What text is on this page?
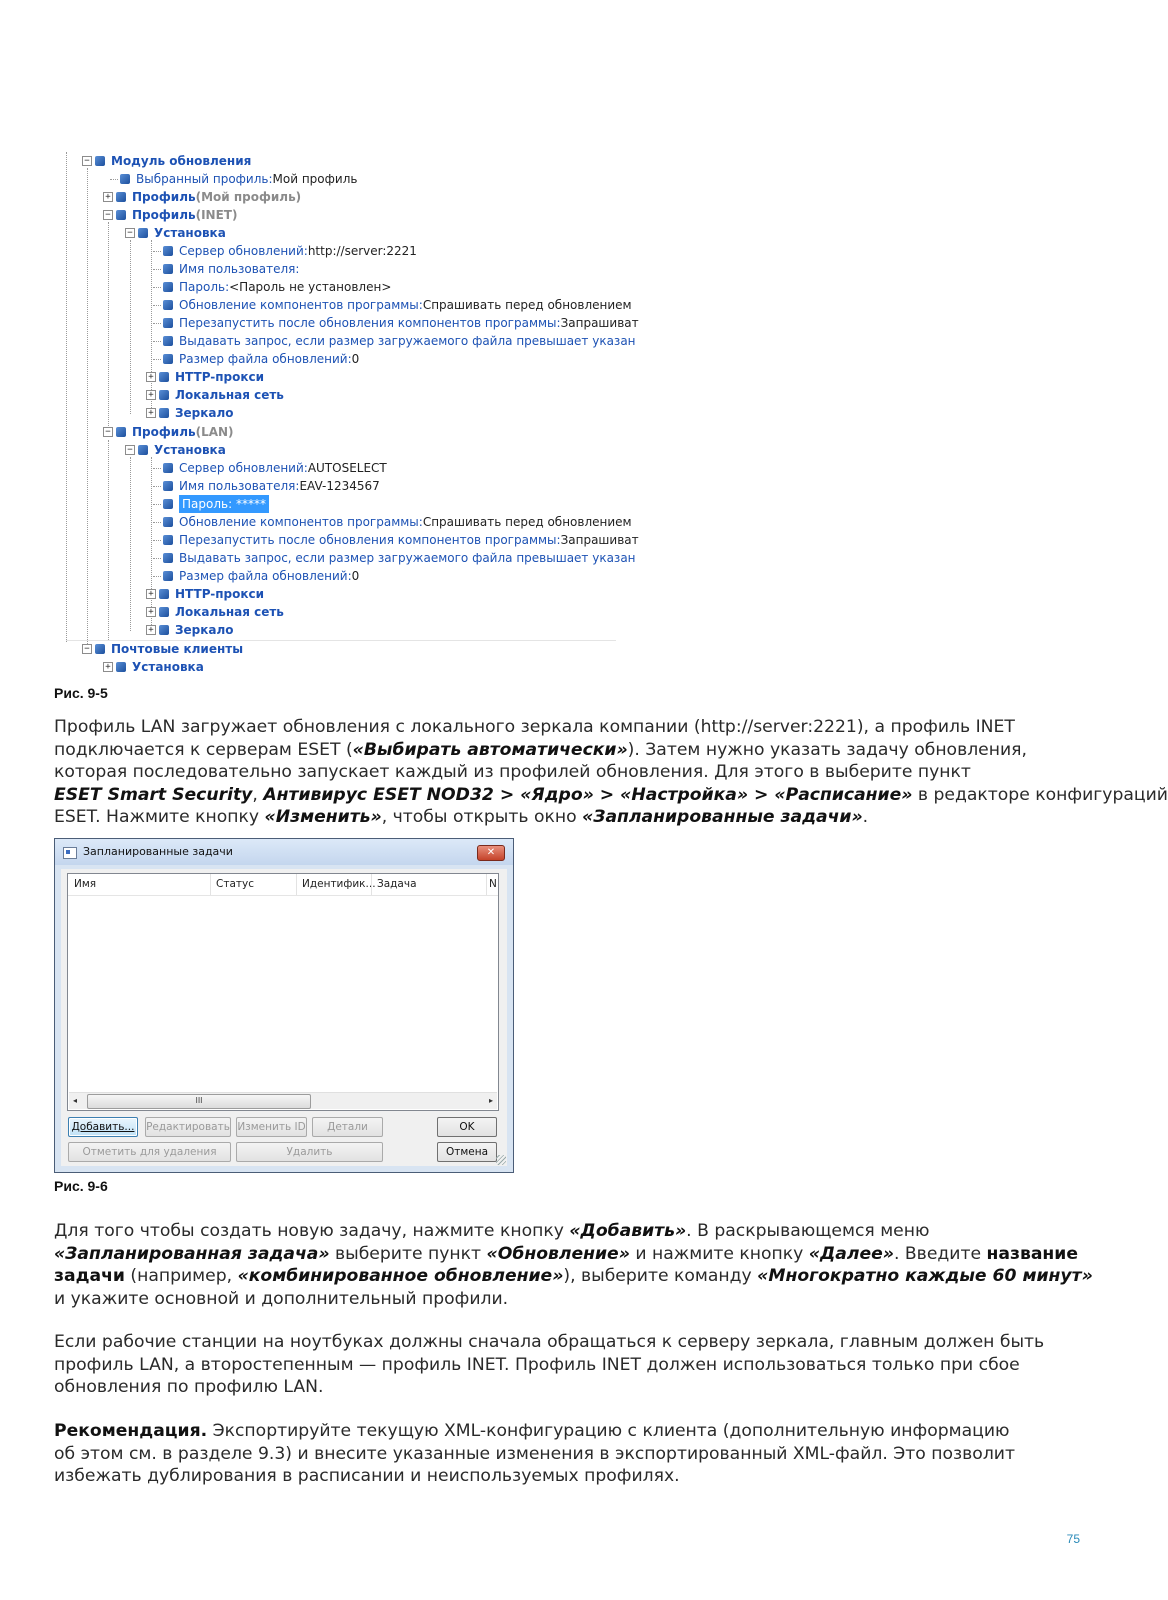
− Модуль обновления
Выбранный профиль: Мой профиль
+ Профиль (Мой профиль)
− Профиль (INET)
− Установка
Сервер обновлений: http://server:2221
Имя пользователя:
Пароль: <Пароль не установлен>
Обновление компонентов программы: Спрашивать перед обновлением
Перезапустить после обновления компонентов программы: Запрашиват
Выдавать запрос, если размер загружаемого файла превышает указан
Размер файла обновлений: 0
+ HTTP-прокси
+ Локальная сеть
+ Зеркало
− Профиль (LAN)
− Установка
Сервер обновлений: AUTOSELECT
Имя пользователя: EAV-1234567
Пароль: *****
Обновление компонентов программы: Спрашивать перед обновлением
Перезапустить после обновления компонентов программы: Запрашиват
Выдавать запрос, если размер загружаемого файла превышает указан
Размер файла обновлений: 0
+ HTTP-прокси
+ Локальная сеть
+ Зеркало
− Почтовые клиенты
+ Установка
Рис. 9-5
Профиль LAN загружает обновления с локального зеркала компании (http://server:2221), а профиль INET
подключается к серверам ESET («Выбирать автоматически»). Затем нужно указать задачу обновления,
которая последовательно запускает каждый из профилей обновления. Для этого в выберите пункт
ESET Smart Security, Антивирус ESET NOD32 > «Ядро» > «Настройка» > «Расписание» в редакторе конфигураций
ESET. Нажмите кнопку «Изменить», чтобы открыть окно «Запланированные задачи».
Запланированные задачи	✕
Имя	Статус	Идентифик... Задача	N
◂	III	▸
Добавить...	Редактировать Изменить ID	Детали	OK
Отметить для удаления	Удалить	Отмена
Рис. 9-6
Для того чтобы создать новую задачу, нажмите кнопку «Добавить». В раскрывающемся меню
«Запланированная задача» выберите пункт «Обновление» и нажмите кнопку «Далее». Введите название
задачи (например, «комбинированное обновление»), выберите команду «Многократно каждые 60 минут»
и укажите основной и дополнительный профили.
Если рабочие станции на ноутбуках должны сначала обращаться к серверу зеркала, главным должен быть
профиль LAN, а второстепенным — профиль INET. Профиль INET должен использоваться только при сбое
обновления по профилю LAN.
Рекомендация. Экспортируйте текущую XML-конфигурацию с клиента (дополнительную информацию
об этом см. в разделе 9.3) и внесите указанные изменения в экспортированный XML-файл. Это позволит
избежать дублирования в расписании и неиспользуемых профилях.
75
